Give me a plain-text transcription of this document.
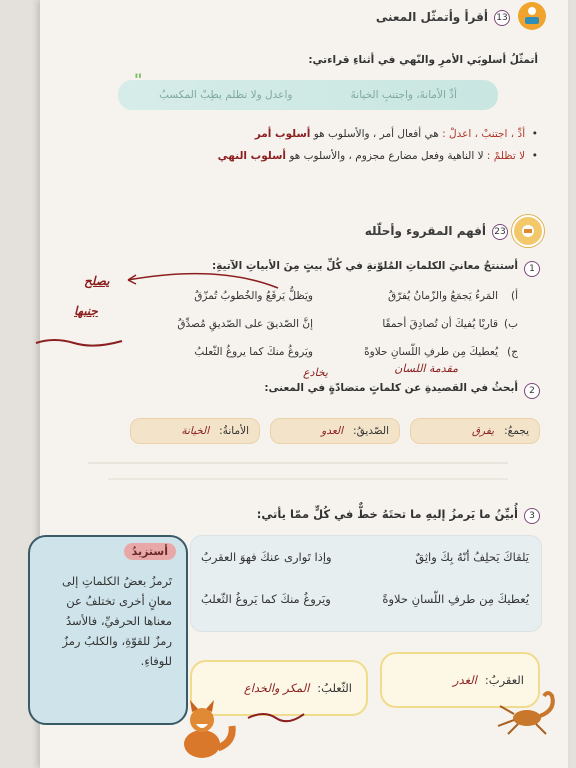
13
أقرأ وأتمثّل المعنى
أتمثّلُ أسلوبَي الأمرِ والنّهي في أثناءِ قراءتي:
أدِّ الأمانةَ، واجتنبِ الخيانةَ
واعدل ولا تظلم يطِبْ المكسبُ
"
•  أدِّ ، اجتنبْ ، اعدلْ : هي أفعال أمر ، والأسلوب هو أسلوب أمر
•  لا تظلمْ : لا الناهية وفعل مضارع مجزوم ، والأسلوب هو أسلوب النهي
23
أفهم المقروء وأحلّله
1
أستنتجُ معانيَ الكلماتِ المُلوّنةِ في كُلِّ بيتٍ مِنَ الأبياتِ الآتيةِ:
أ)
المَرءُ يَجمَعُ والزّمانُ يُفرّقُ
ويَظلُّ يَرقَعُ والخُطوبُ تُمزّقُ
يصلح
ب)
قاربْا يُفيكَ أن تُصادِقَ أحمقًا
إنَّ الصّديقَ على الصّديقِ مُصدِّقُ
جنبها
ج)
يُعطيكَ مِن طرفِ اللّسانِ حلاوةً
ويَروغُ منكَ كما يروغُ الثّعلبُ
مقدمة اللسان
يخادع
2
أبحثُ في القصيدةِ عن كلماتٍ متضادّةٍ في المعنى:
يجمعُ:
يفرق
الصّديقُ:
العدو
الأمانةُ:
الخيانة
3
أُبيِّنُ ما يَرمزُ إليهِ ما تحتَهُ خطٌّ في كُلٍّ ممّا يأتي:
يَلقاكَ يَحلِفُ أنّهُ بِكَ واثِقٌ
وإذا تَوارى عنكَ فهوَ العقربُ
يُعطيكَ مِن طرفِ اللّسانِ حلاوةً
ويَروغُ منكَ كما يَروغُ الثّعلبُ
أستزيدُ
تَرمزُ بعضُ الكلماتِ إلى معانٍ أخرى تختلفُ عن معناها الحرفيِّ، فالأسدُ رمزٌ للقوّةِ، والكلبُ رمزٌ للوفاءِ.
العقربُ:
الغدر
الثّعلبُ:
المكر والخداع
